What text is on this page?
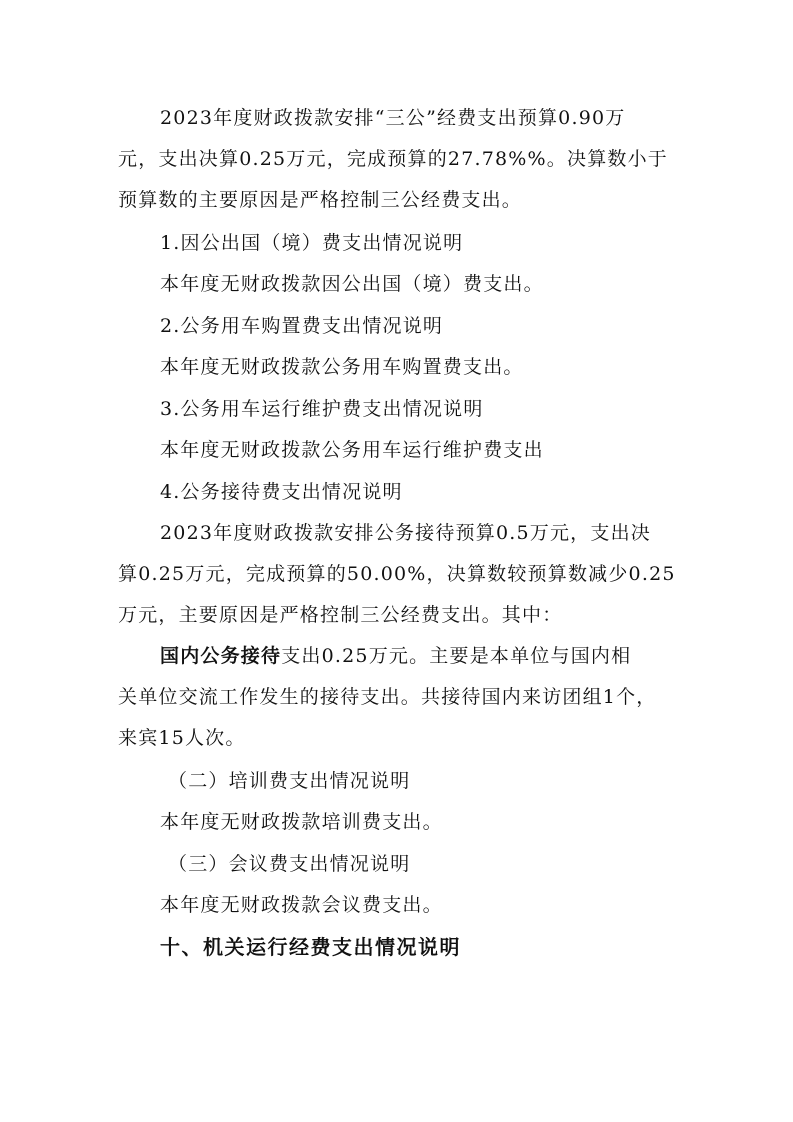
2023年度财政拨款安排“三公”经费支出预算0.90万
元，支出决算0.25万元，完成预算的27.78%%。决算数小于
预算数的主要原因是严格控制三公经费支出。
1.因公出国（境）费支出情况说明
本年度无财政拨款因公出国（境）费支出。
2.公务用车购置费支出情况说明
本年度无财政拨款公务用车购置费支出。
3.公务用车运行维护费支出情况说明
本年度无财政拨款公务用车运行维护费支出
4.公务接待费支出情况说明
2023年度财政拨款安排公务接待预算0.5万元，支出决
算0.25万元，完成预算的50.00%，决算数较预算数减少0.25
万元，主要原因是严格控制三公经费支出。其中：
国内公务接待支出0.25万元。主要是本单位与国内相
关单位交流工作发生的接待支出。共接待国内来访团组1个，
来宾15人次。
（二）培训费支出情况说明
本年度无财政拨款培训费支出。
（三）会议费支出情况说明
本年度无财政拨款会议费支出。
十、机关运行经费支出情况说明
